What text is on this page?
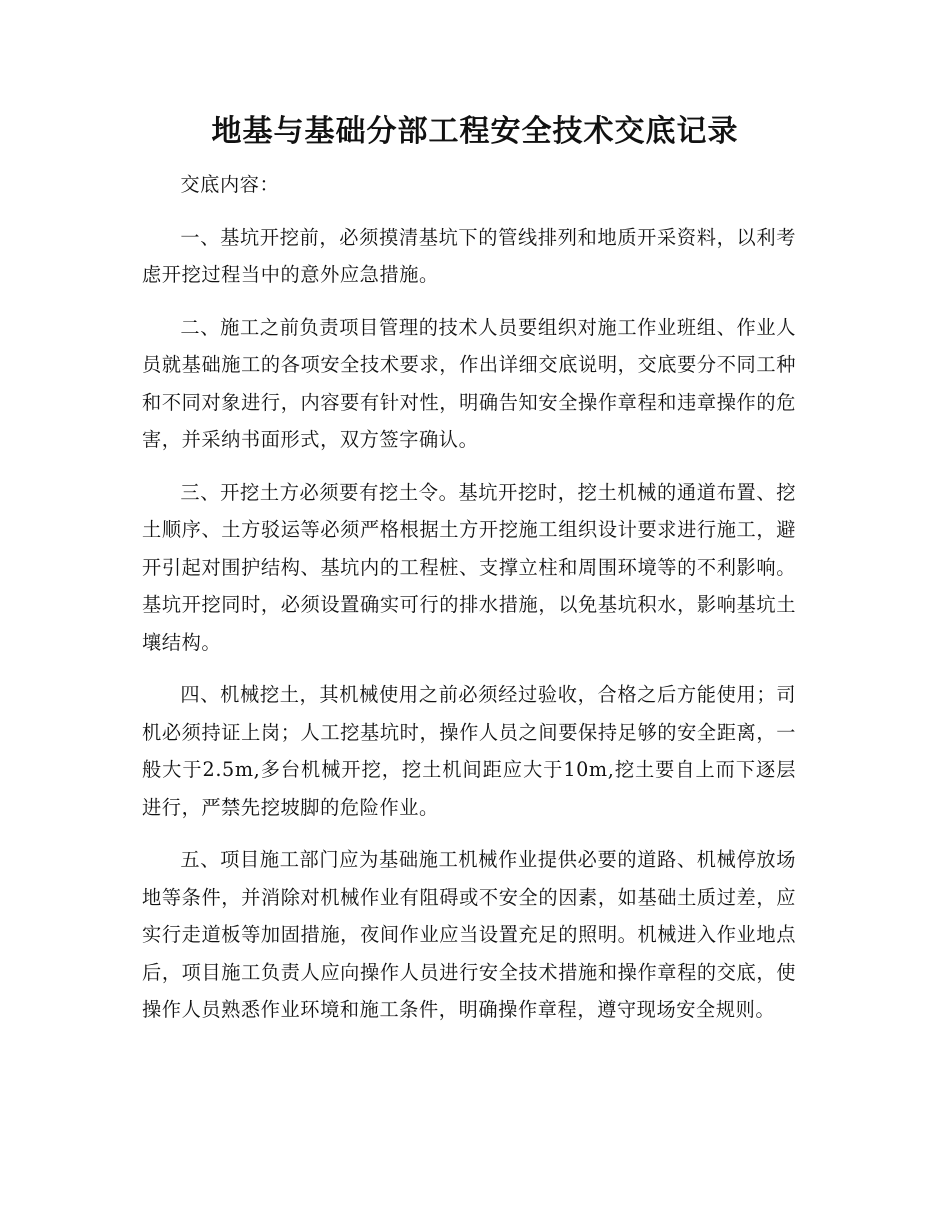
地基与基础分部工程安全技术交底记录

交底内容：

一、基坑开挖前，必须摸清基坑下的管线排列和地质开采资料，以利考虑开挖过程当中的意外应急措施。

二、施工之前负责项目管理的技术人员要组织对施工作业班组、作业人员就基础施工的各项安全技术要求，作出详细交底说明，交底要分不同工种和不同对象进行，内容要有针对性，明确告知安全操作章程和违章操作的危害，并采纳书面形式，双方签字确认。

三、开挖土方必须要有挖土令。基坑开挖时，挖土机械的通道布置、挖土顺序、土方驳运等必须严格根据土方开挖施工组织设计要求进行施工，避开引起对围护结构、基坑内的工程桩、支撑立柱和周围环境等的不利影响。基坑开挖同时，必须设置确实可行的排水措施，以免基坑积水，影响基坑土壤结构。

四、机械挖土，其机械使用之前必须经过验收，合格之后方能使用；司机必须持证上岗；人工挖基坑时，操作人员之间要保持足够的安全距离，一般大于2.5m,多台机械开挖，挖土机间距应大于10m,挖土要自上而下逐层进行，严禁先挖坡脚的危险作业。

五、项目施工部门应为基础施工机械作业提供必要的道路、机械停放场地等条件，并消除对机械作业有阻碍或不安全的因素，如基础土质过差，应实行走道板等加固措施，夜间作业应当设置充足的照明。机械进入作业地点后，项目施工负责人应向操作人员进行安全技术措施和操作章程的交底，使操作人员熟悉作业环境和施工条件，明确操作章程，遵守现场安全规则。
